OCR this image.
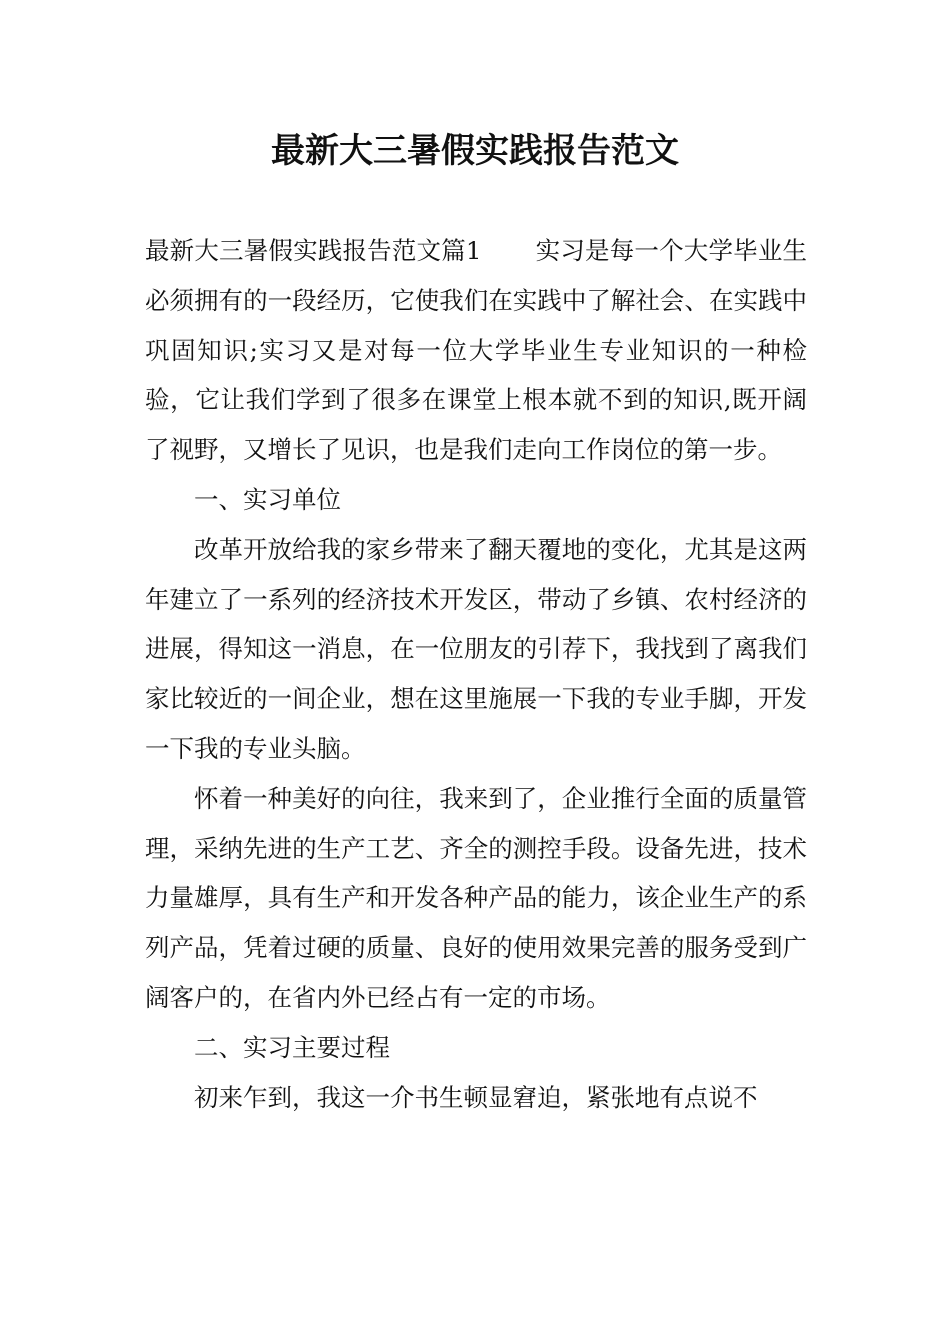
最新大三暑假实践报告范文

最新大三暑假实践报告范文篇1 实习是每一个大学毕业生必须拥有的一段经历，它使我们在实践中了解社会、在实践中巩固知识;实习又是对每一位大学毕业生专业知识的一种检验，它让我们学到了很多在课堂上根本就不到的知识,既开阔了视野，又增长了见识，也是我们走向工作岗位的第一步。

一、实习单位

改革开放给我的家乡带来了翻天覆地的变化，尤其是这两年建立了一系列的经济技术开发区，带动了乡镇、农村经济的进展，得知这一消息，在一位朋友的引荐下，我找到了离我们家比较近的一间企业，想在这里施展一下我的专业手脚，开发一下我的专业头脑。

怀着一种美好的向往，我来到了，企业推行全面的质量管理，采纳先进的生产工艺、齐全的测控手段。设备先进，技术力量雄厚，具有生产和开发各种产品的能力，该企业生产的系列产品，凭着过硬的质量、良好的使用效果完善的服务受到广阔客户的，在省内外已经占有一定的市场。

二、实习主要过程

初来乍到，我这一介书生顿显窘迫，紧张地有点说不
